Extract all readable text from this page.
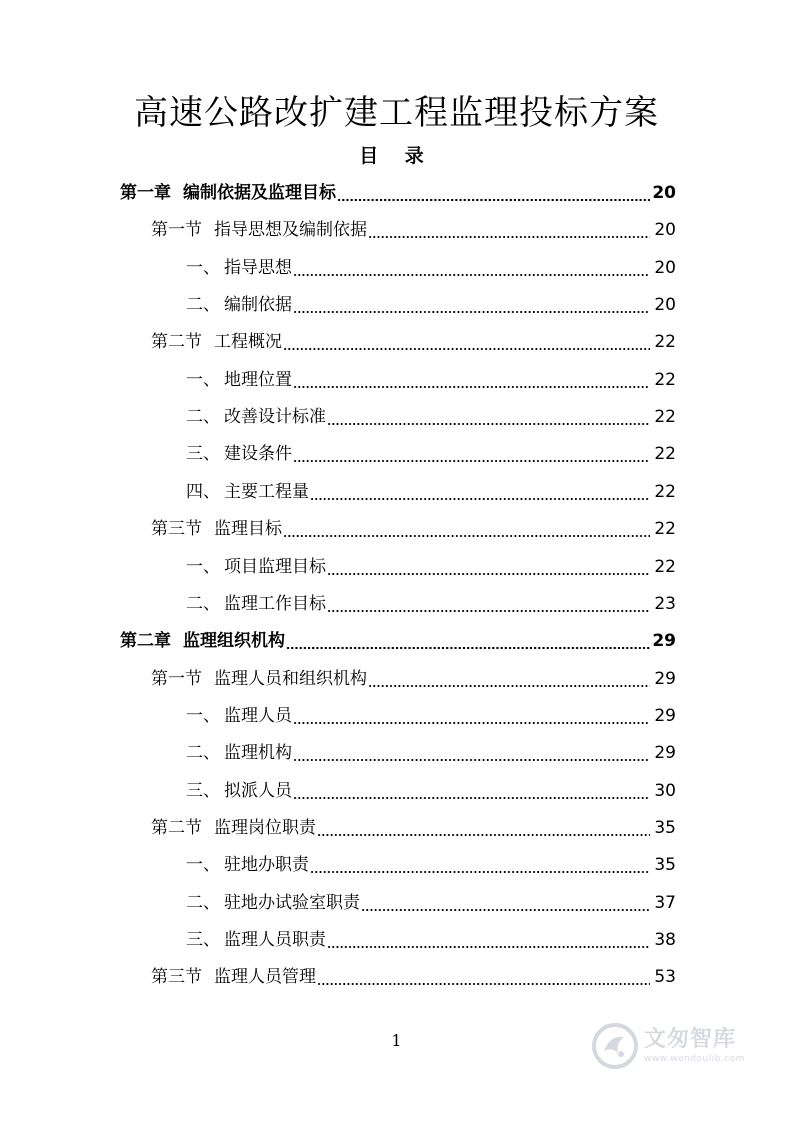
高速公路改扩建工程监理投标方案
目 录
第一章 编制依据及监理目标	20
第一节 指导思想及编制依据	20
一、 指导思想	20
二、 编制依据	20
第二节 工程概况	22
一、 地理位置	22
二、 改善设计标准	22
三、 建设条件	22
四、 主要工程量	22
第三节 监理目标	22
一、 项目监理目标	22
二、 监理工作目标	23
第二章 监理组织机构	29
第一节 监理人员和组织机构	29
一、 监理人员	29
二、 监理机构	29
三、 拟派人员	30
第二节 监理岗位职责	35
一、 驻地办职责	35
二、 驻地办试验室职责	37
三、 监理人员职责	38
第三节 监理人员管理	53
1	文匆智库
www.wendoulib.com
